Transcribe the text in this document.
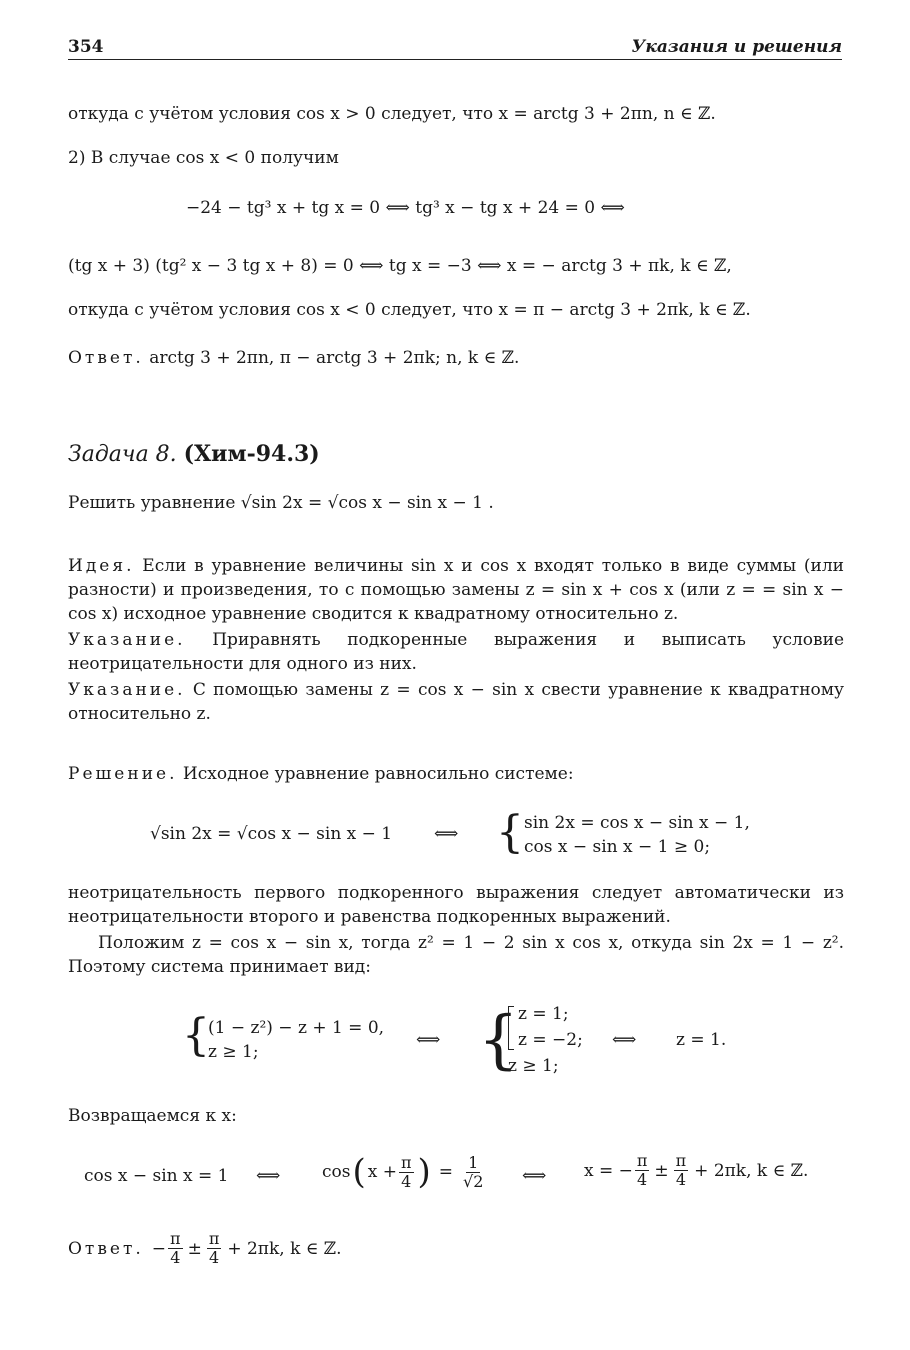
354	Указания и решения
откуда с учётом условия cos x > 0 следует, что x = arctg 3 + 2πn, n ∈ ℤ.
2) В случае cos x < 0 получим
−24 − tg³ x + tg x = 0 ⟺ tg³ x − tg x + 24 = 0 ⟺
(tg x + 3) (tg² x − 3 tg x + 8) = 0 ⟺ tg x = −3 ⟺ x = − arctg 3 + πk, k ∈ ℤ,
откуда с учётом условия cos x < 0 следует, что x = π − arctg 3 + 2πk, k ∈ ℤ.
Ответ. arctg 3 + 2πn, π − arctg 3 + 2πk; n, k ∈ ℤ.
Задача 8. (Хим-94.3)
Решить уравнение √sin 2x = √cos x − sin x − 1 .
Идея. Если в уравнение величины sin x и cos x входят только в виде суммы (или разности) и произведения, то с помощью замены z = sin x + cos x (или z = = sin x − cos x) исходное уравнение сводится к квадратному относительно z.
Указание. Приравнять подкоренные выражения и выписать условие неотрицательности для одного из них.
Указание. С помощью замены z = cos x − sin x свести уравнение к квадратному относительно z.
Решение. Исходное уравнение равносильно системе:
√sin 2x = √cos x − sin x − 1 ⟺ { sin 2x = cos x − sin x − 1,
cos x − sin x − 1 ≥ 0;
неотрицательность первого подкоренного выражения следует автоматически из неотрицательности второго и равенства подкоренных выражений.
Положим z = cos x − sin x, тогда z² = 1 − 2 sin x cos x, откуда sin 2x = 1 − z². Поэтому система принимает вид:
{
(1 − z²) − z + 1 = 0,
z ≥ 1;
⟺ { z = 1;
z = −2;
z ≥ 1;
⟺ z = 1.
Возвращаемся к x:
cos x − sin x = 1 ⟺ cos ( $x + \frac{\pi}{4}$ ) = $\frac{1}{√2}$ ⟺ x = − $\frac{\pi}{4} \pm \frac{\pi}{4} + 2\pi k$, k ∈ ℤ.
Ответ. − $\frac{\pi}{4} \pm \frac{\pi}{4} + 2\pi k$, k ∈ ℤ.
